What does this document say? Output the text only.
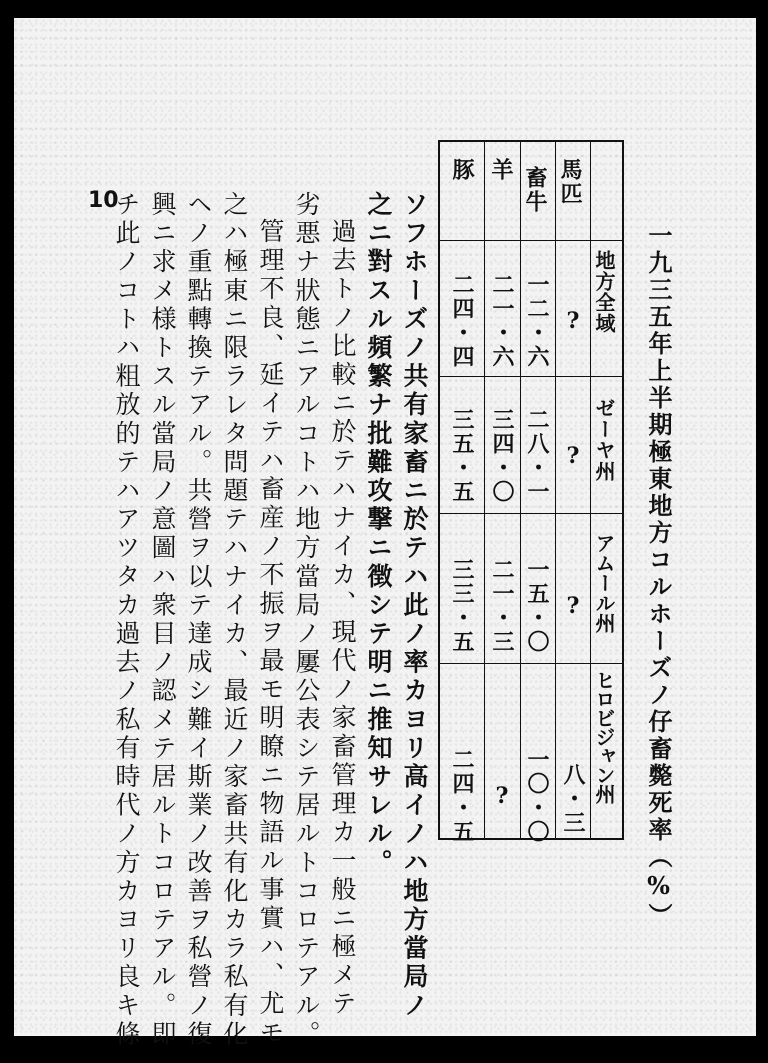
一九三五年上半期極東地方コルホーズノ仔畜斃死率（%）
馬匹
畜牛
羊
豚
地方全域
ゼーヤ州
アムール州
ヒロビジャン州
?
一二・六
二一・六
二四・四
?
二八・一
三四・〇
三五・五
?
一五・〇
二一・三
三三・五
八・三
一〇・〇
?
二四・五
ソフホーズノ共有家畜ニ於テハ此ノ率カヨリ高イノハ地方當局ノ
之ニ對スル頻繁ナ批難攻撃ニ徴シテ明ニ推知サレル。
過去トノ比較ニ於テハナイカ、現代ノ家畜管理カ一般ニ極メテ
劣悪ナ狀態ニアルコトハ地方當局ノ屢公表シテ居ルトコロテアル。
管理不良、延イテハ畜産ノ不振ヲ最モ明瞭ニ物語ル事實ハ、尤モ
之ハ極東ニ限ラレタ問題テハナイカ、最近ノ家畜共有化カラ私有化
ヘノ重點轉換テアル。共營ヲ以テ達成シ難イ斯業ノ改善ヲ私營ノ復
興ニ求メ様トスル當局ノ意圖ハ衆目ノ認メテ居ルトコロテアル。即
チ此ノコトハ粗放的テハアツタカ過去ノ私有時代ノ方カヨリ良キ條
10
